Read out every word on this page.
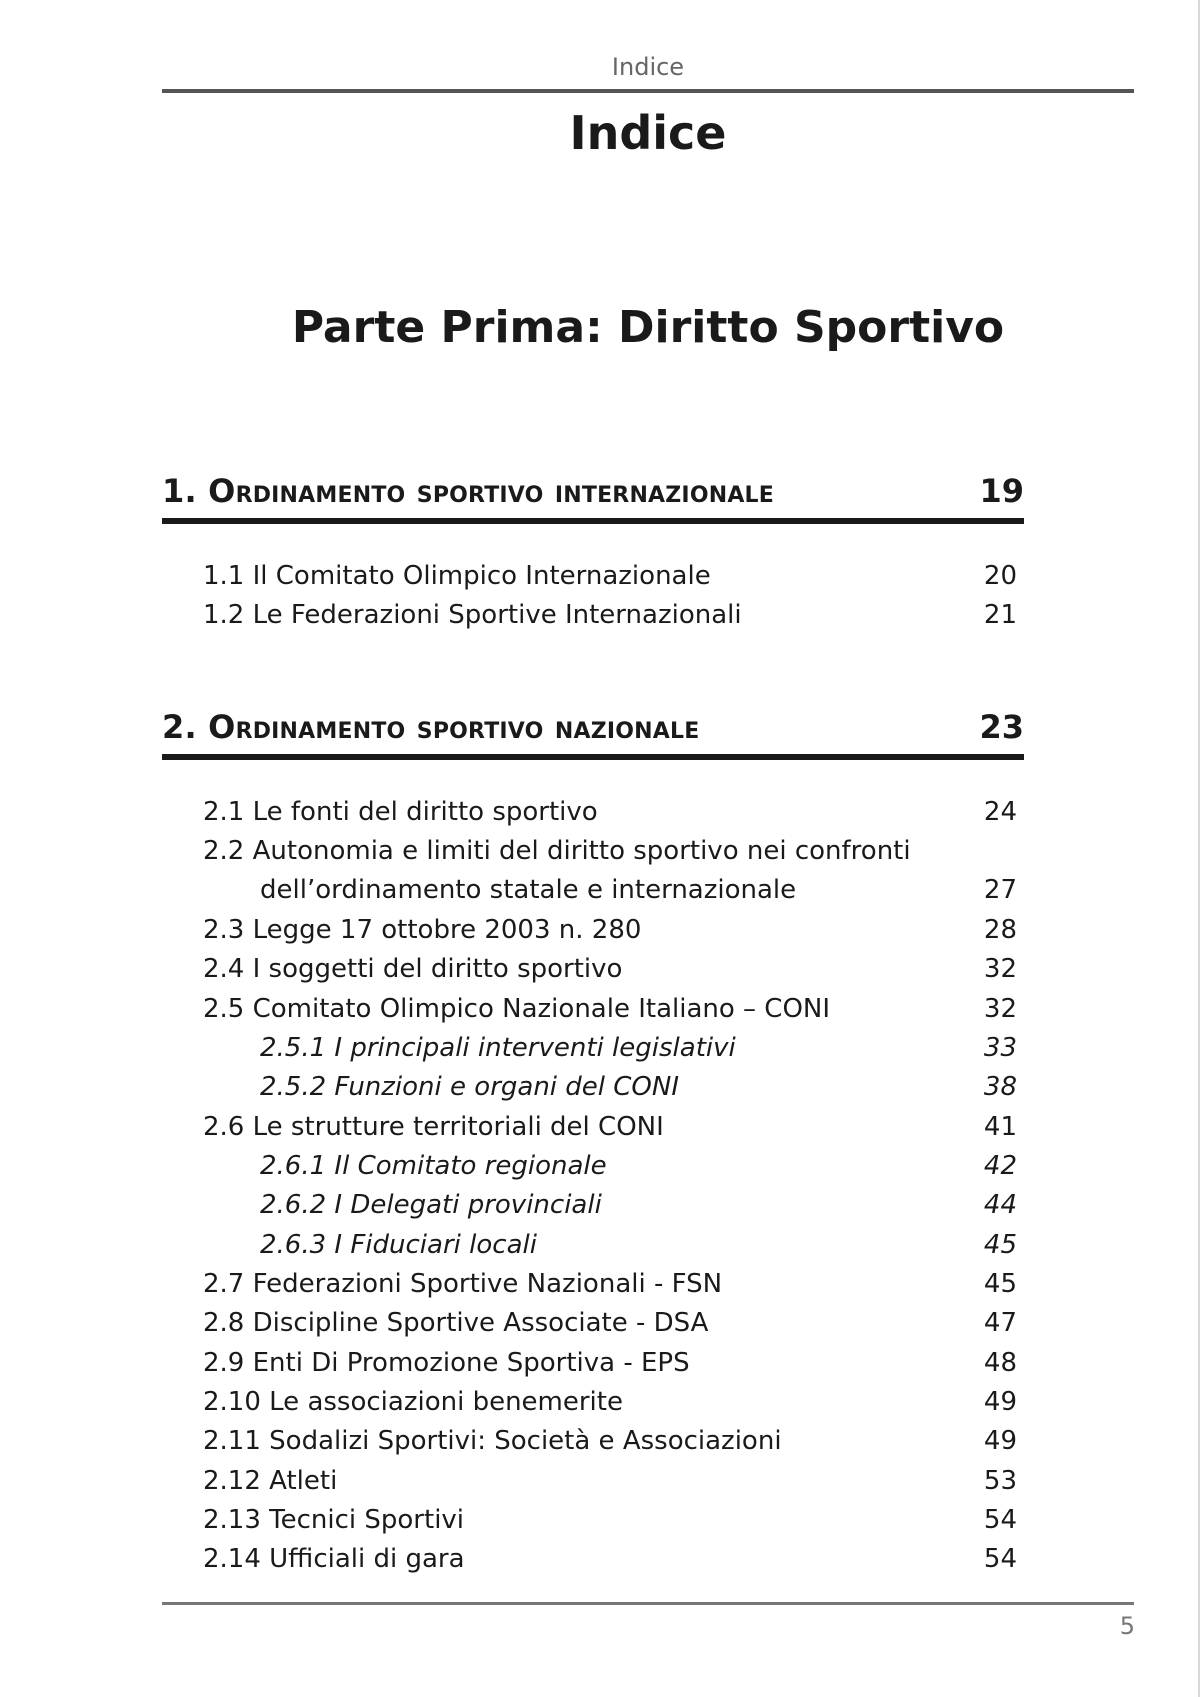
Indice
Indice
Parte Prima: Diritto Sportivo
1. Ordinamento sportivo internazionale	19
1.1 Il Comitato Olimpico Internazionale	20
1.2 Le Federazioni Sportive Internazionali	21
2. Ordinamento sportivo nazionale	23
2.1 Le fonti del diritto sportivo	24
2.2 Autonomia e limiti del diritto sportivo nei confronti
dell’ordinamento statale e internazionale	27
2.3 Legge 17 ottobre 2003 n. 280	28
2.4 I soggetti del diritto sportivo	32
2.5 Comitato Olimpico Nazionale Italiano – CONI	32
2.5.1 I principali interventi legislativi	33
2.5.2 Funzioni e organi del CONI	38
2.6 Le strutture territoriali del CONI	41
2.6.1 Il Comitato regionale	42
2.6.2 I Delegati provinciali	44
2.6.3 I Fiduciari locali	45
2.7 Federazioni Sportive Nazionali - FSN	45
2.8 Discipline Sportive Associate - DSA	47
2.9 Enti Di Promozione Sportiva - EPS	48
2.10 Le associazioni benemerite	49
2.11 Sodalizi Sportivi: Società e Associazioni	49
2.12 Atleti	53
2.13 Tecnici Sportivi	54
2.14 Ufficiali di gara	54
5
